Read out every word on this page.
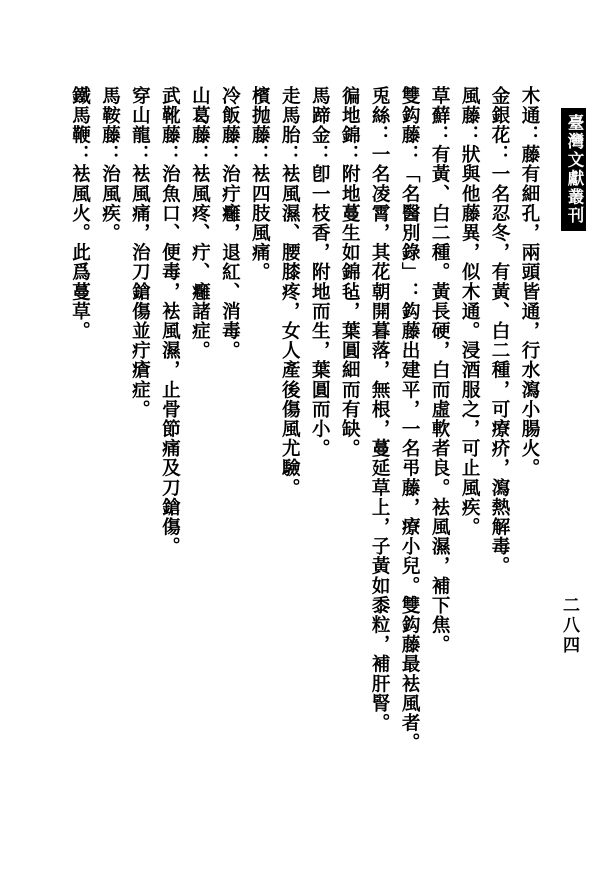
臺灣文獻叢刊
二八四
木通：藤有細孔，兩頭皆通，行水瀉小腸火。
金銀花：一名忍冬，有黃、白二種，可療疥，瀉熱解毒。
風藤：狀與他藤異，似木通。浸酒服之，可止風疾。
草蘚：有黃、白二種。黃長硬，白而虛軟者良。袪風濕，補下焦。
雙鈎藤：「名醫別錄」：鈎藤出建平，一名弔藤，療小兒。雙鈎藤最袪風者。
兎絲：一名凌霄，其花朝開暮落，無根，蔓延草上，子黃如黍粒，補肝腎。
徧地錦：附地蔓生如錦毡，葉圓細而有缺。
馬蹄金：卽一枝香，附地而生，葉圓而小。
走馬胎：袪風濕、腰膝疼，女人產後傷風尤驗。
檳抛藤：袪四肢風痛。
冷飯藤：治疔癰，退紅、消毒。
山葛藤：袪風疼、疔、癰諸症。
武靴藤：治魚口、便毒，袪風濕，止骨節痛及刀鎗傷。
穿山龍：袪風痛，治刀鎗傷並疔瘡症。
馬鞍藤：治風疾。
鐵馬鞭：袪風火。此爲蔓草。
